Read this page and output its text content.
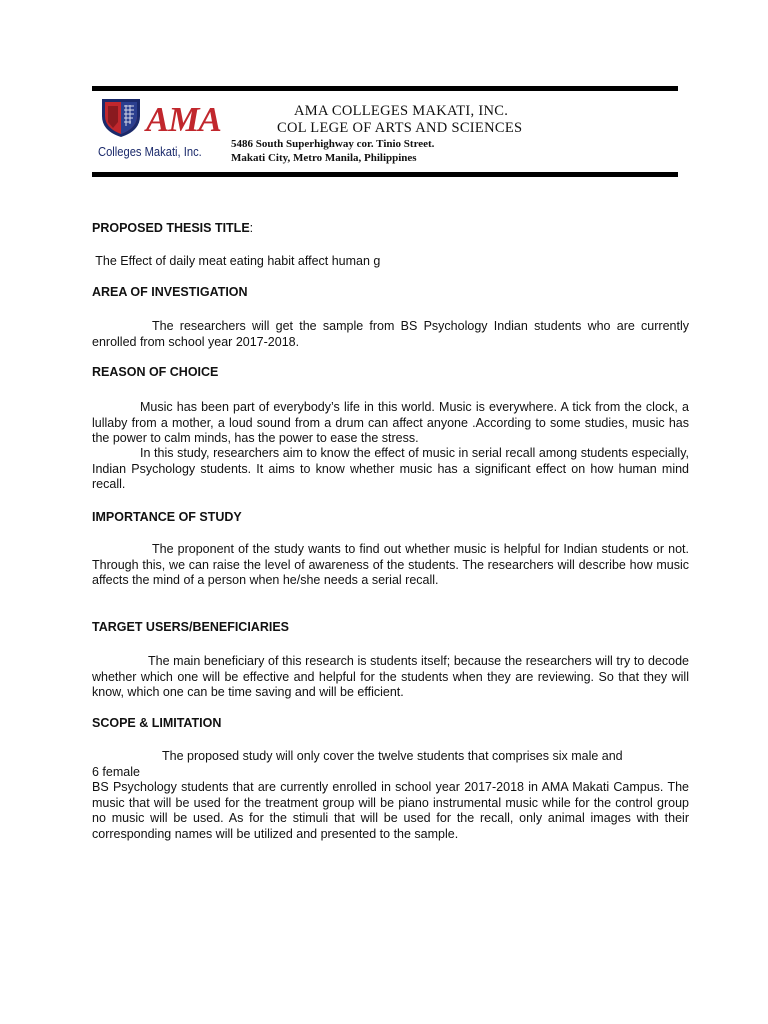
AMA
Colleges Makati, Inc.
AMA COLLEGES MAKATI, INC.
COL LEGE OF ARTS AND SCIENCES
5486 South Superhighway cor. Tinio Street.
Makati City, Metro Manila, Philippines
PROPOSED THESIS TITLE:
The Effect of daily meat eating habit affect human g
AREA OF INVESTIGATION

The researchers will get the sample from BS Psychology Indian students who are currently enrolled from school year 2017-2018.

REASON OF CHOICE

Music has been part of everybody’s life in this world. Music is everywhere. A tick from the clock, a lullaby from a mother, a loud sound from a drum can affect anyone .According to some studies, music has the power to calm minds, has the power to ease the stress.

In this study, researchers aim to know the effect of music in serial recall among students especially, Indian Psychology students. It aims to know whether music has a significant effect on how human mind recall.

IMPORTANCE OF STUDY

The proponent of the study wants to find out whether music is helpful for Indian students or not. Through this, we can raise the level of awareness of the students. The researchers will describe how music affects the mind of a person when he/she needs a serial recall.

TARGET USERS/BENEFICIARIES

The main beneficiary of this research is students itself; because the researchers will try to decode whether which one will be effective and helpful for the students when they are reviewing. So that they will know, which one can be time saving and will be efficient.

SCOPE & LIMITATION
The proposed study will only cover the twelve students that comprises six male and
6 female

BS Psychology students that are currently enrolled in school year 2017-2018 in AMA Makati Campus. The music that will be used for the treatment group will be piano instrumental music while for the control group no music will be used. As for the stimuli that will be used for the recall, only animal images with their corresponding names will be utilized and presented to the sample.
